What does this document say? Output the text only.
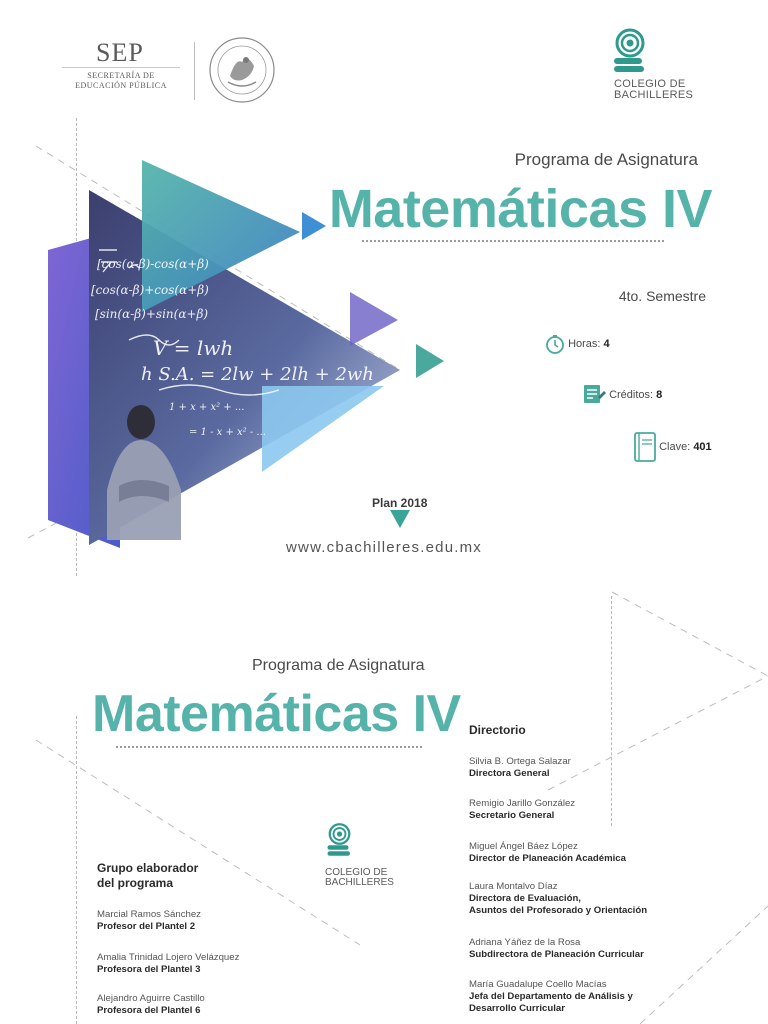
SEP
SECRETARÍA DE
EDUCACIÓN PÚBLICA	COLEGIO DE
BACHILLERES
[cos(α-β)-cos(α+β)
[cos(α-β)+cos(α+β)
[sin(α-β)+sin(α+β)
V = lwh
h S.A. = 2lw + 2lh + 2wh
1 + x + x² + ...
= 1 - x + x² - ...
Programa de Asignatura
Matemáticas IV
4to. Semestre
Horas: 4
Créditos: 8
Clave: 401
Plan 2018
www.cbachilleres.edu.mx
Programa de Asignatura
Matemáticas IV
COLEGIO DE
BACHILLERES
Directorio
Silvia B. Ortega Salazar
Directora General
Remigio Jarillo González
Secretario General
Miguel Ángel Báez López
Director de Planeación Académica
Laura Montalvo Díaz
Directora de Evaluación,
Asuntos del Profesorado y Orientación
Adriana Yáñez de la Rosa
Subdirectora de Planeación Curricular
María Guadalupe Coello Macías
Jefa del Departamento de Análisis y
Desarrollo Curricular
Grupo elaborador
del programa
Marcial Ramos Sánchez
Profesor del Plantel 2
Amalia Trinidad Lojero Velázquez
Profesora del Plantel 3
Alejandro Aguirre Castillo
Profesora del Plantel 6
